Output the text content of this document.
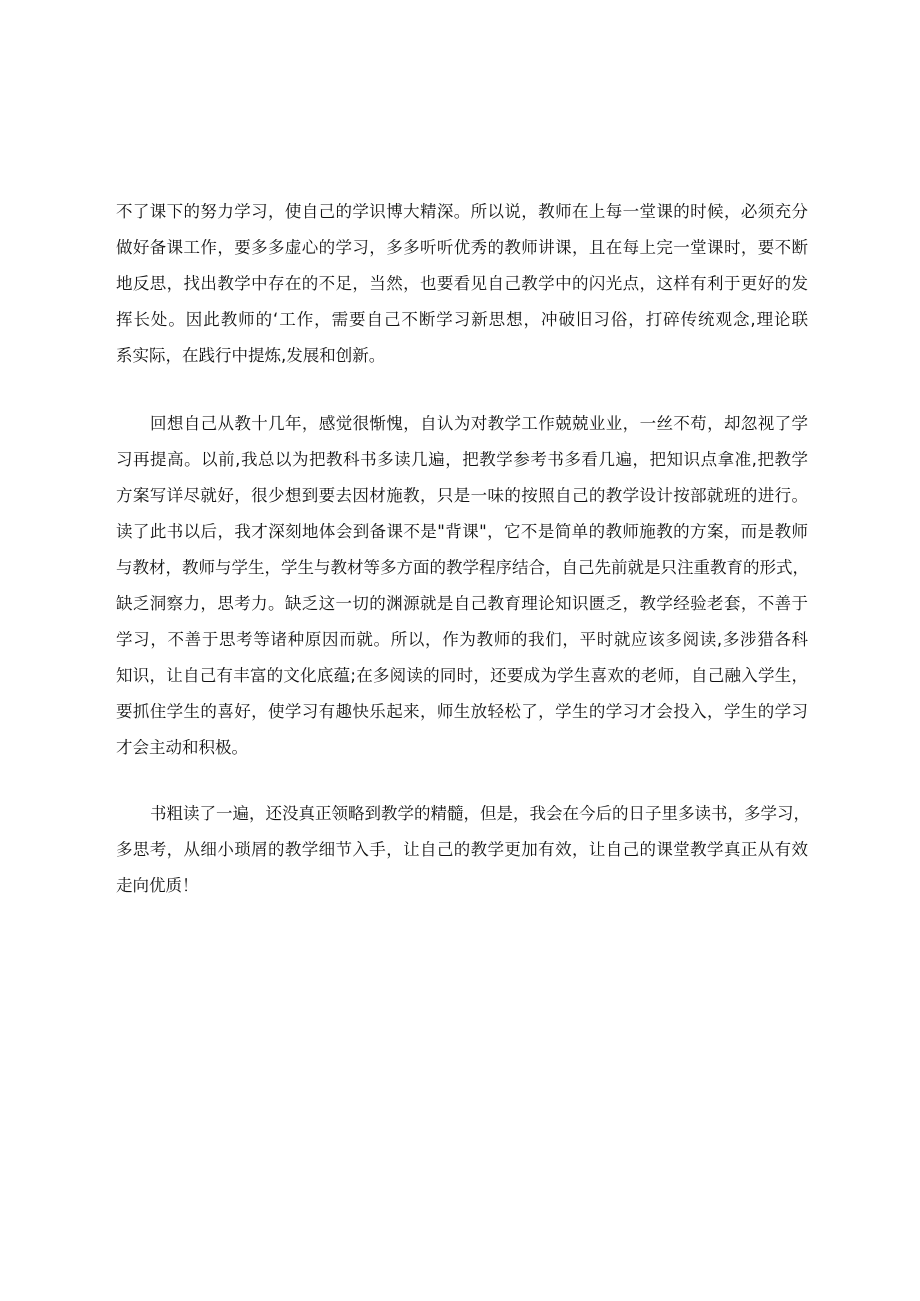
不了课下的努力学习，使自己的学识博大精深。所以说，教师在上每一堂课的时候，必须充分
做好备课工作，要多多虚心的学习，多多听听优秀的教师讲课，且在每上完一堂课时，要不断
地反思，找出教学中存在的不足，当然，也要看见自己教学中的闪光点，这样有利于更好的发
挥长处。因此教师的‘工作，需要自己不断学习新思想，冲破旧习俗，打碎传统观念,理论联
系实际，在践行中提炼,发展和创新。
回想自己从教十几年，感觉很惭愧，自认为对教学工作兢兢业业，一丝不苟，却忽视了学
习再提高。以前,我总以为把教科书多读几遍，把教学参考书多看几遍，把知识点拿准,把教学
方案写详尽就好，很少想到要去因材施教，只是一味的按照自己的教学设计按部就班的进行。
读了此书以后，我才深刻地体会到备课不是"背课"，它不是简单的教师施教的方案，而是教师
与教材，教师与学生，学生与教材等多方面的教学程序结合，自己先前就是只注重教育的形式，
缺乏洞察力，思考力。缺乏这一切的渊源就是自己教育理论知识匮乏，教学经验老套，不善于
学习，不善于思考等诸种原因而就。所以，作为教师的我们，平时就应该多阅读,多涉猎各科
知识，让自己有丰富的文化底蕴;在多阅读的同时，还要成为学生喜欢的老师，自己融入学生，
要抓住学生的喜好，使学习有趣快乐起来，师生放轻松了，学生的学习才会投入，学生的学习
才会主动和积极。
书粗读了一遍，还没真正领略到教学的精髓，但是，我会在今后的日子里多读书，多学习，
多思考，从细小琐屑的教学细节入手，让自己的教学更加有效，让自己的课堂教学真正从有效
走向优质！
